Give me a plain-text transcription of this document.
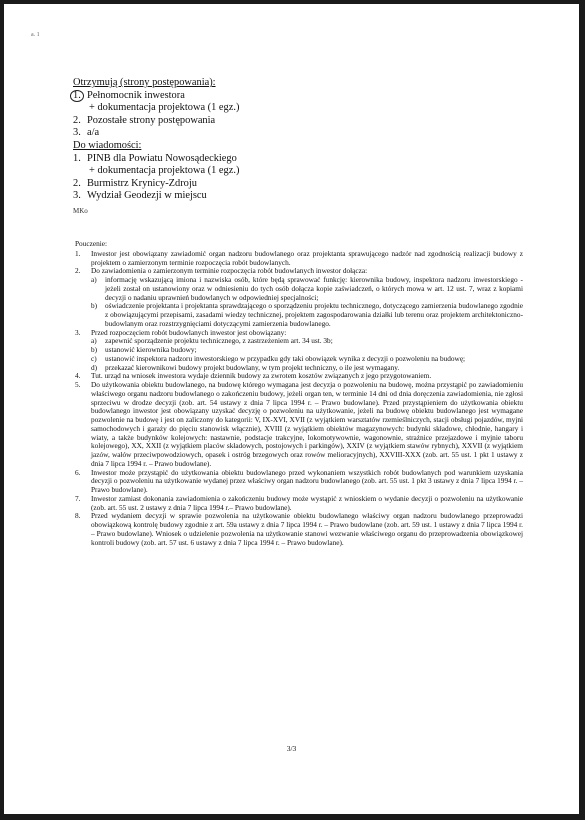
a. 1
Otrzymują (strony postępowania):
1. Pełnomocnik inwestora
+ dokumentacja projektowa (1 egz.)
2. Pozostałe strony postępowania
3. a/a
Do wiadomości:
1. PINB dla Powiatu Nowosądeckiego
+ dokumentacja projektowa (1 egz.)
2. Burmistrz Krynicy-Zdroju
3. Wydział Geodezji w miejscu
MKo
Pouczenie:
1.	Inwestor jest obowiązany zawiadomić organ nadzoru budowlanego oraz projektanta sprawującego nadzór nad zgodnością realizacji budowy z projektem o zamierzonym terminie rozpoczęcia robót budowlanych.
2.	Do zawiadomienia o zamierzonym terminie rozpoczęcia robót budowlanych inwestor dołącza:
a)	informację wskazującą imiona i nazwiska osób, które będą sprawować funkcję: kierownika budowy, inspektora nadzoru inwestorskiego - jeżeli został on ustanowiony oraz w odniesieniu do tych osób dołącza kopie zaświadczeń, o których mowa w art. 12 ust. 7, wraz z kopiami decyzji o nadaniu uprawnień budowlanych w odpowiedniej specjalności;
b)	oświadczenie projektanta i projektanta sprawdzającego o sporządzeniu projektu technicznego, dotyczącego zamierzenia budowlanego zgodnie z obowiązującymi przepisami, zasadami wiedzy technicznej, projektem zagospodarowania działki lub terenu oraz projektem architektoniczno-budowlanym oraz rozstrzygnięciami dotyczącymi zamierzenia budowlanego.
3.	Przed rozpoczęciem robót budowlanych inwestor jest obowiązany:
a)	zapewnić sporządzenie projektu technicznego, z zastrzeżeniem art. 34 ust. 3b;
b)	ustanowić kierownika budowy;
c)	ustanowić inspektora nadzoru inwestorskiego w przypadku gdy taki obowiązek wynika z decyzji o pozwoleniu na budowę;
d)	przekazać kierownikowi budowy projekt budowlany, w tym projekt techniczny, o ile jest wymagany.
4.	Tut. urząd na wniosek inwestora wydaje dziennik budowy za zwrotem kosztów związanych z jego przygotowaniem.
5.	Do użytkowania obiektu budowlanego, na budowę którego wymagana jest decyzja o pozwoleniu na budowę, można przystąpić po zawiadomieniu właściwego organu nadzoru budowlanego o zakończeniu budowy, jeżeli organ ten, w terminie 14 dni od dnia doręczenia zawiadomienia, nie zgłosi sprzeciwu w drodze decyzji (zob. art. 54 ustawy z dnia 7 lipca 1994 r. – Prawo budowlane). Przed przystąpieniem do użytkowania obiektu budowlanego inwestor jest obowiązany uzyskać decyzję o pozwoleniu na użytkowanie, jeżeli na budowę obiektu budowlanego jest wymagane pozwolenie na budowę i jest on zaliczony do kategorii: V, IX-XVI, XVII (z wyjątkiem warsztatów rzemieślniczych, stacji obsługi pojazdów, myjni samochodowych i garaży do pięciu stanowisk włącznie), XVIII (z wyjątkiem obiektów magazynowych: budynki składowe, chłodnie, hangary i wiaty, a także budynków kolejowych: nastawnie, podstacje trakcyjne, lokomotywownie, wagonownie, strażnice przejazdowe i myjnie taboru kolejowego), XX, XXII (z wyjątkiem placów składowych, postojowych i parkingów), XXIV (z wyjątkiem stawów rybnych), XXVII (z wyjątkiem jazów, wałów przeciwpowodziowych, opasek i ostróg brzegowych oraz rowów melioracyjnych), XXVIII-XXX (zob. art. 55 ust. 1 pkt 1 ustawy z dnia 7 lipca 1994 r. – Prawo budowlane).
6.	Inwestor może przystąpić do użytkowania obiektu budowlanego przed wykonaniem wszystkich robót budowlanych pod warunkiem uzyskania decyzji o pozwoleniu na użytkowanie wydanej przez właściwy organ nadzoru budowlanego (zob. art. 55 ust. 1 pkt 3 ustawy z dnia 7 lipca 1994 r. – Prawo budowlane).
7.	Inwestor zamiast dokonania zawiadomienia o zakończeniu budowy może wystąpić z wnioskiem o wydanie decyzji o pozwoleniu na użytkowanie (zob. art. 55 ust. 2 ustawy z dnia 7 lipca 1994 r.– Prawo budowlane).
8.	Przed wydaniem decyzji w sprawie pozwolenia na użytkowanie obiektu budowlanego właściwy organ nadzoru budowlanego przeprowadzi obowiązkową kontrolę budowy zgodnie z art. 59a ustawy z dnia 7 lipca 1994 r. – Prawo budowlane (zob. art. 59 ust. 1 ustawy z dnia 7 lipca 1994 r. – Prawo budowlane). Wniosek o udzielenie pozwolenia na użytkowanie stanowi wezwanie właściwego organu do przeprowadzenia obowiązkowej kontroli budowy (zob. art. 57 ust. 6 ustawy z dnia 7 lipca 1994 r. – Prawo budowlane).
3/3
